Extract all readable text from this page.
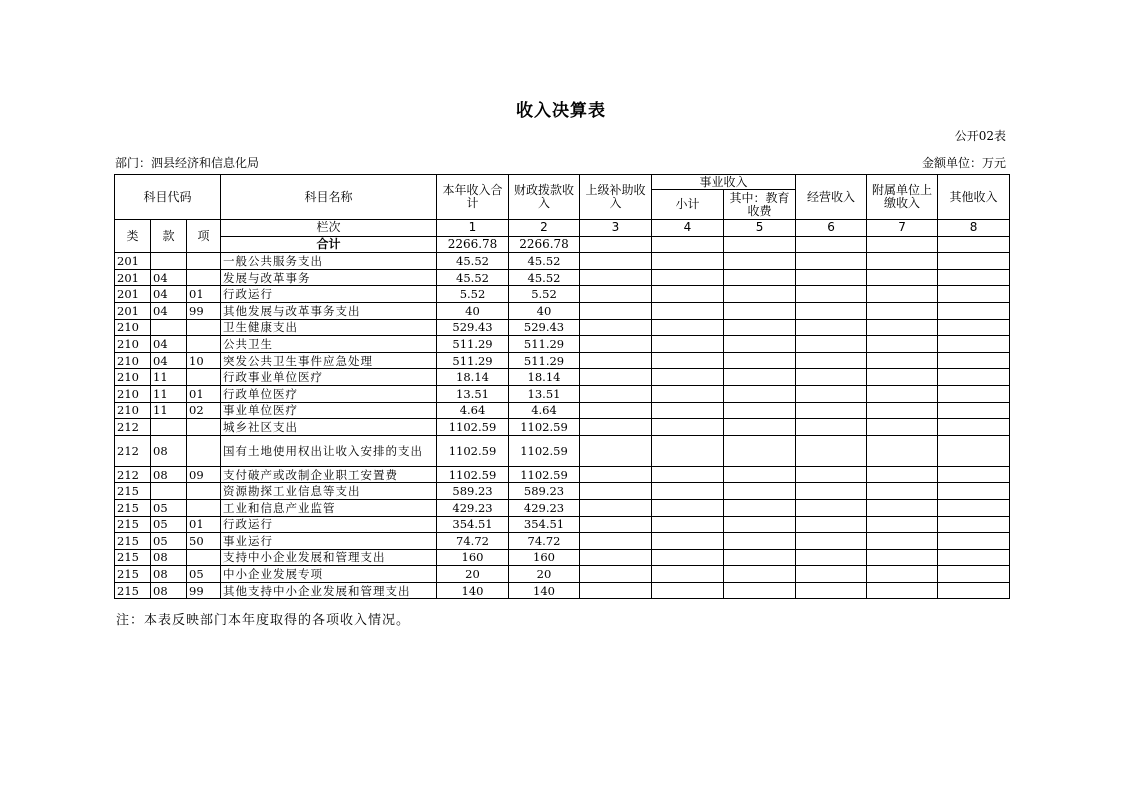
收入决算表
公开02表
部门：泗县经济和信息化局	金额单位：万元
科目代码			科目名称	本年收入合计	财政拨款收入	上级补助收入	事业收入		经营收入	附属单位上缴收入	其他收入
							小计	其中：教育收费			
类	款	项	栏次	1	2	3	4	5	6	7	8
			合计	2266.78	2266.78						
201			一般公共服务支出	45.52	45.52						
201	04		发展与改革事务	45.52	45.52						
201	04	01	行政运行	5.52	5.52						
201	04	99	其他发展与改革事务支出	40	40						
210			卫生健康支出	529.43	529.43						
210	04		公共卫生	511.29	511.29						
210	04	10	突发公共卫生事件应急处理	511.29	511.29						
210	11		行政事业单位医疗	18.14	18.14						
210	11	01	行政单位医疗	13.51	13.51						
210	11	02	事业单位医疗	4.64	4.64						
212			城乡社区支出	1102.59	1102.59						
212	08		国有土地使用权出让收入安排的支出	1102.59	1102.59						
212	08	09	支付破产或改制企业职工安置费	1102.59	1102.59						
215			资源勘探工业信息等支出	589.23	589.23						
215	05		工业和信息产业监管	429.23	429.23						
215	05	01	行政运行	354.51	354.51						
215	05	50	事业运行	74.72	74.72						
215	08		支持中小企业发展和管理支出	160	160						
215	08	05	中小企业发展专项	20	20						
215	08	99	其他支持中小企业发展和管理支出	140	140						
注：本表反映部门本年度取得的各项收入情况。
